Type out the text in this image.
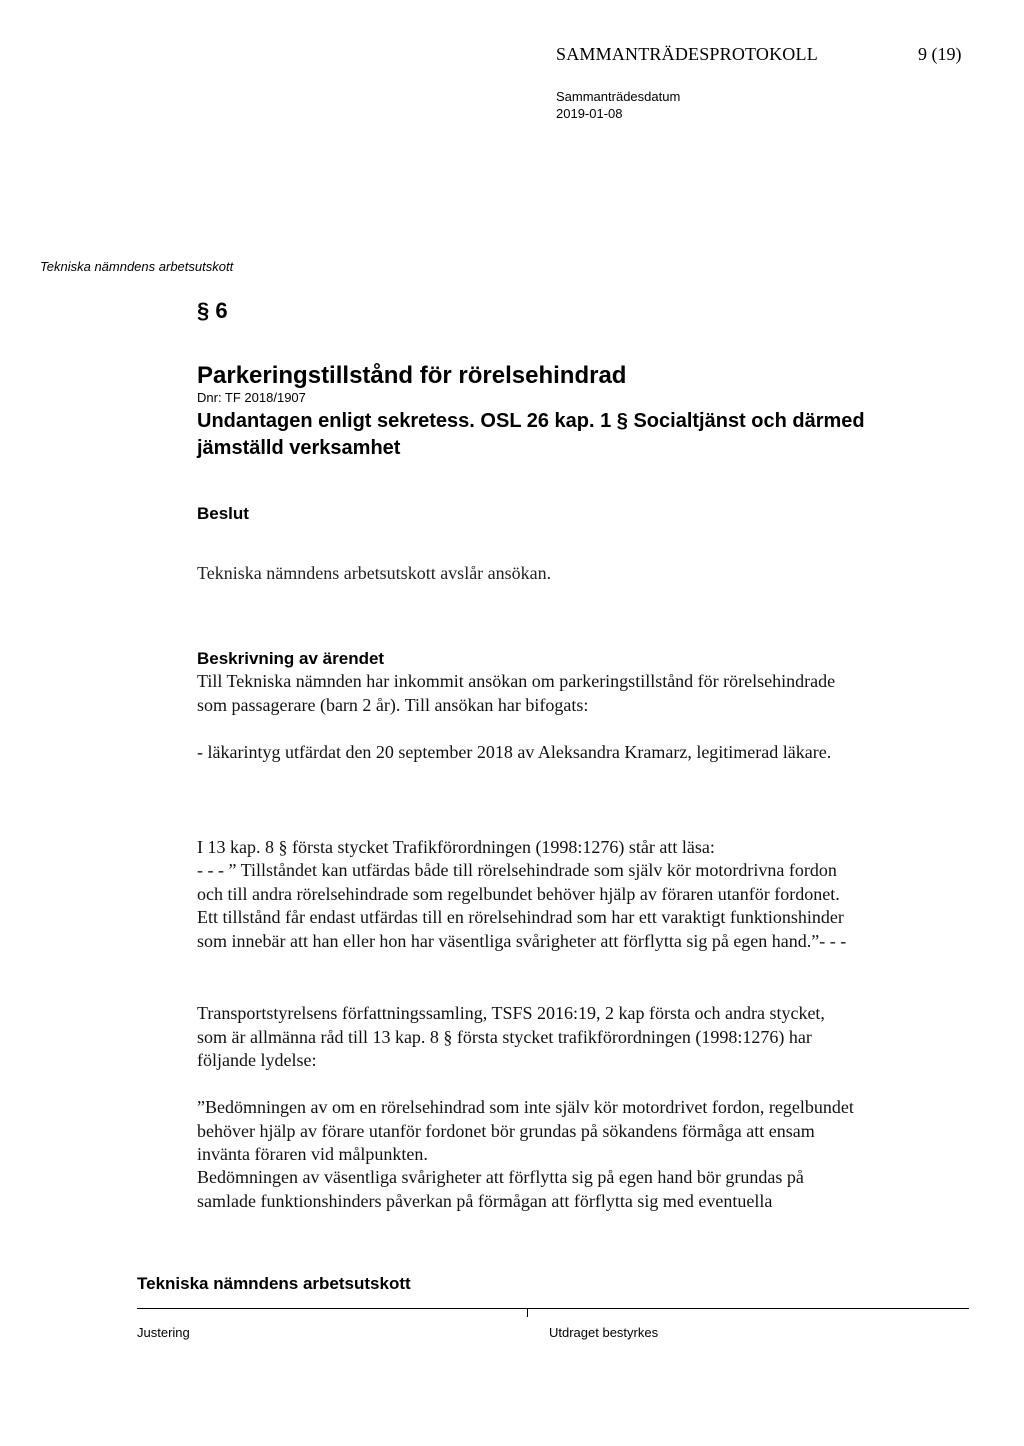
SAMMANTRÄDESPROTOKOLL	9 (19)
Sammanträdesdatum
2019-01-08
Tekniska nämndens arbetsutskott
§ 6
Parkeringstillstånd för rörelsehindrad
Dnr: TF 2018/1907
Undantagen enligt sekretess. OSL 26 kap. 1 § Socialtjänst och därmed jämställd verksamhet
Beslut
Tekniska nämndens arbetsutskott avslår ansökan.
Beskrivning av ärendet

Till Tekniska nämnden har inkommit ansökan om parkeringstillstånd för rörelsehindrade som passagerare (barn 2 år). Till ansökan har bifogats:

- läkarintyg utfärdat den 20 september 2018 av Aleksandra Kramarz, legitimerad läkare.

I 13 kap. 8 § första stycket Trafikförordningen (1998:1276) står att läsa:

- - - ” Tillståndet kan utfärdas både till rörelsehindrade som själv kör motordrivna fordon och till andra rörelsehindrade som regelbundet behöver hjälp av föraren utanför fordonet. Ett tillstånd får endast utfärdas till en rörelsehindrad som har ett varaktigt funktionshinder som innebär att han eller hon har väsentliga svårigheter att förflytta sig på egen hand.”- - -

Transportstyrelsens författningssamling, TSFS 2016:19, 2 kap första och andra stycket, som är allmänna råd till 13 kap. 8 § första stycket trafikförordningen (1998:1276) har följande lydelse:

”Bedömningen av om en rörelsehindrad som inte själv kör motordrivet fordon, regelbundet behöver hjälp av förare utanför fordonet bör grundas på sökandens förmåga att ensam invänta föraren vid målpunkten.

Bedömningen av väsentliga svårigheter att förflytta sig på egen hand bör grundas på samlade funktionshinders påverkan på förmågan att förflytta sig med eventuella

Tekniska nämndens arbetsutskott
Justering	Utdraget bestyrkes
